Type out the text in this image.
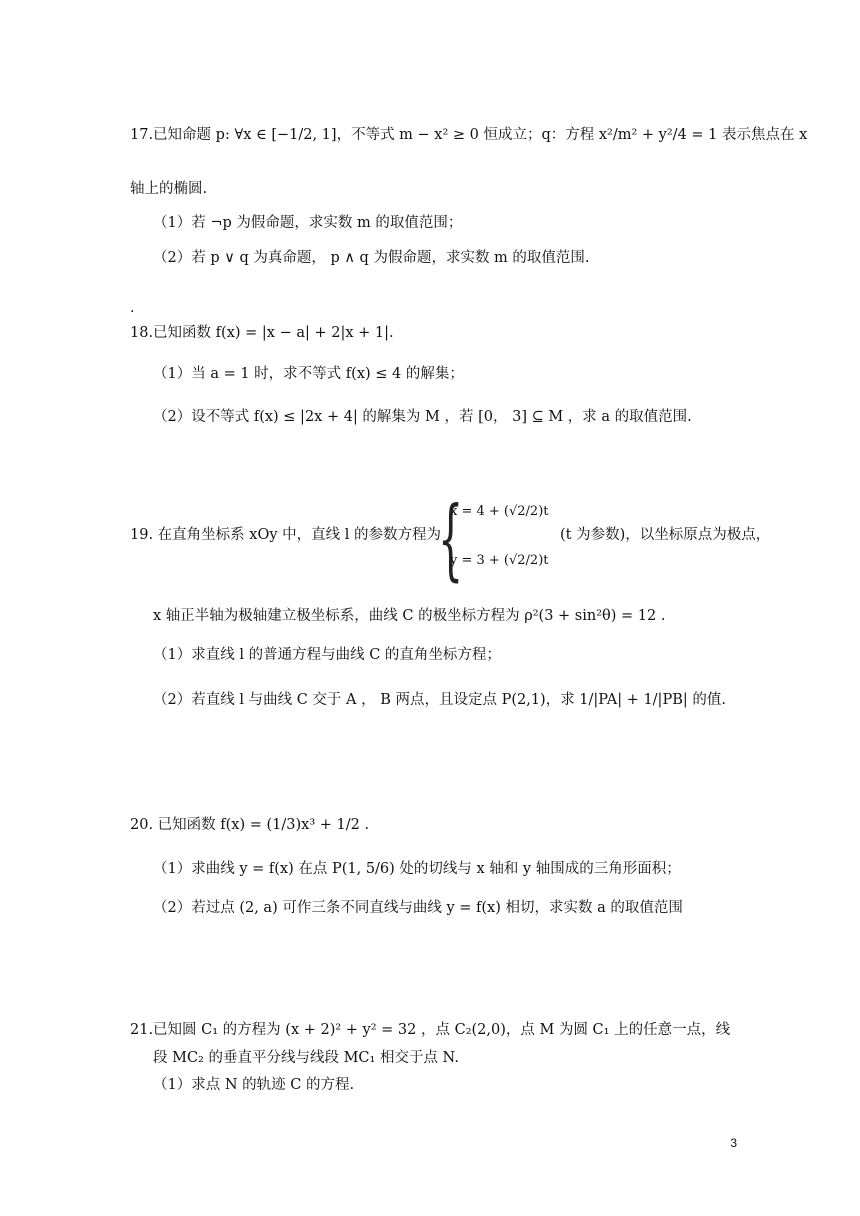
17.已知命题 p: ∀x ∈ [−1/2, 1]，不等式 m − x² ≥ 0 恒成立；q：方程 x²/m² + y²/4 = 1 表示焦点在 x
轴上的椭圆.
（1）若 ¬p 为假命题，求实数 m 的取值范围；
（2）若 p ∨ q 为真命题， p ∧ q 为假命题，求实数 m 的取值范围.
.
18.已知函数 f(x) = |x − a| + 2|x + 1|.
（1）当 a = 1 时，求不等式 f(x) ≤ 4 的解集；
（2）设不等式 f(x) ≤ |2x + 4| 的解集为 M ，若 [0， 3] ⊆ M ，求 a 的取值范围.
19. 在直角坐标系 xOy 中，直线 l 的参数方程为
{
x = 4 + (√2/2)t
y = 3 + (√2/2)t
(t 为参数)，以坐标原点为极点，
x 轴正半轴为极轴建立极坐标系，曲线 C 的极坐标方程为 ρ²(3 + sin²θ) = 12 .
（1）求直线 l 的普通方程与曲线 C 的直角坐标方程；
（2）若直线 l 与曲线 C 交于 A ， B 两点，且设定点 P(2,1)，求 1/|PA| + 1/|PB| 的值.
20. 已知函数 f(x) = (1/3)x³ + 1/2 .
（1）求曲线 y = f(x) 在点 P(1, 5/6) 处的切线与 x 轴和 y 轴围成的三角形面积；
（2）若过点 (2, a) 可作三条不同直线与曲线 y = f(x) 相切，求实数 a 的取值范围
21.已知圆 C₁ 的方程为 (x + 2)² + y² = 32 ，点 C₂(2,0)，点 M 为圆 C₁ 上的任意一点，线
段 MC₂ 的垂直平分线与线段 MC₁ 相交于点 N.
（1）求点 N 的轨迹 C 的方程.
3
